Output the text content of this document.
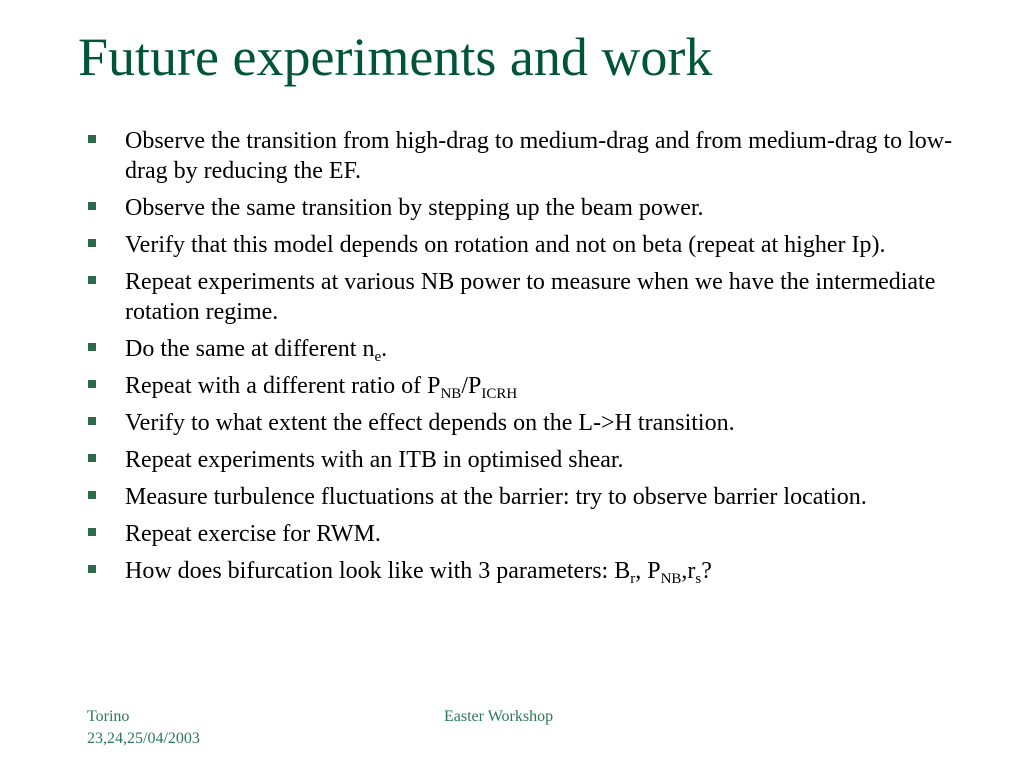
Future experiments and work
Observe the transition from high-drag to medium-drag and from medium-drag to low-drag by reducing the EF.
Observe the same transition by stepping up the beam power.
Verify that this model depends on rotation and not on beta (repeat at higher Ip).
Repeat experiments at various NB power to measure when we have the intermediate rotation regime.
Do the same at different $n_e$.
Repeat with a different ratio of $P_{NB}/P_{ICRH}$
Verify to what extent the effect depends on the L->H transition.
Repeat experiments with an ITB in optimised shear.
Measure turbulence fluctuations at the barrier: try to observe barrier location.
Repeat exercise for RWM.
How does bifurcation look like with 3 parameters: $B_r$, $P_{NB},r_s$?
Torino
23,24,25/04/2003
Easter Workshop
